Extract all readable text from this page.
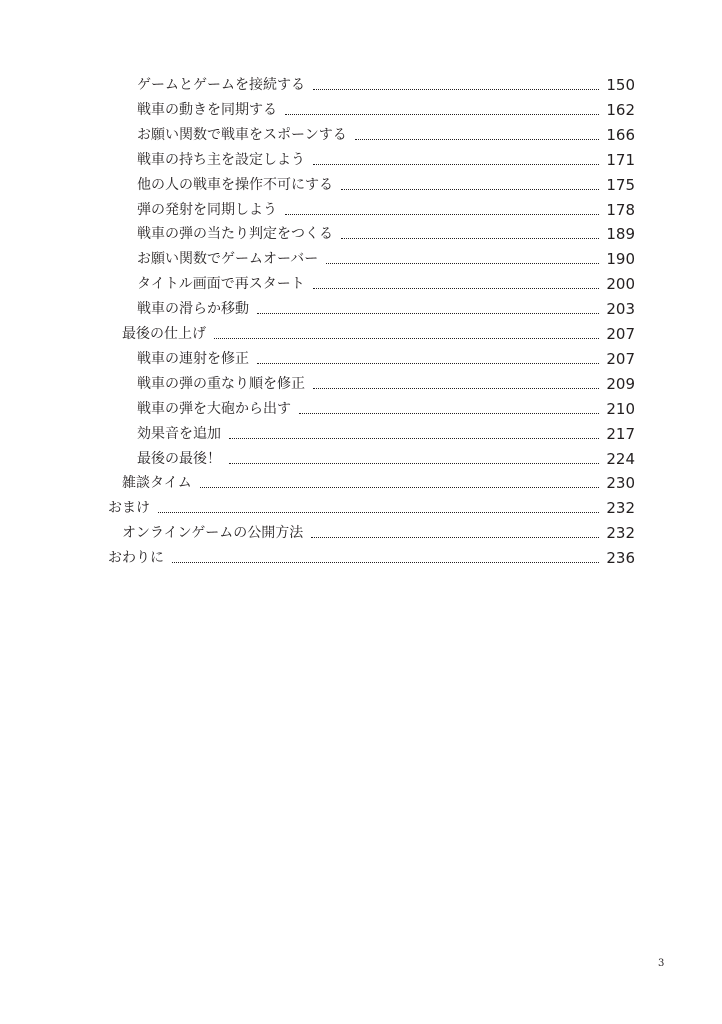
ゲームとゲームを接続する	150
戦車の動きを同期する	162
お願い関数で戦車をスポーンする	166
戦車の持ち主を設定しよう	171
他の人の戦車を操作不可にする	175
弾の発射を同期しよう	178
戦車の弾の当たり判定をつくる	189
お願い関数でゲームオーバー	190
タイトル画面で再スタート	200
戦車の滑らか移動	203
最後の仕上げ	207
戦車の連射を修正	207
戦車の弾の重なり順を修正	209
戦車の弾を大砲から出す	210
効果音を追加	217
最後の最後！	224
雑談タイム	230
おまけ	232
オンラインゲームの公開方法	232
おわりに	236
3
